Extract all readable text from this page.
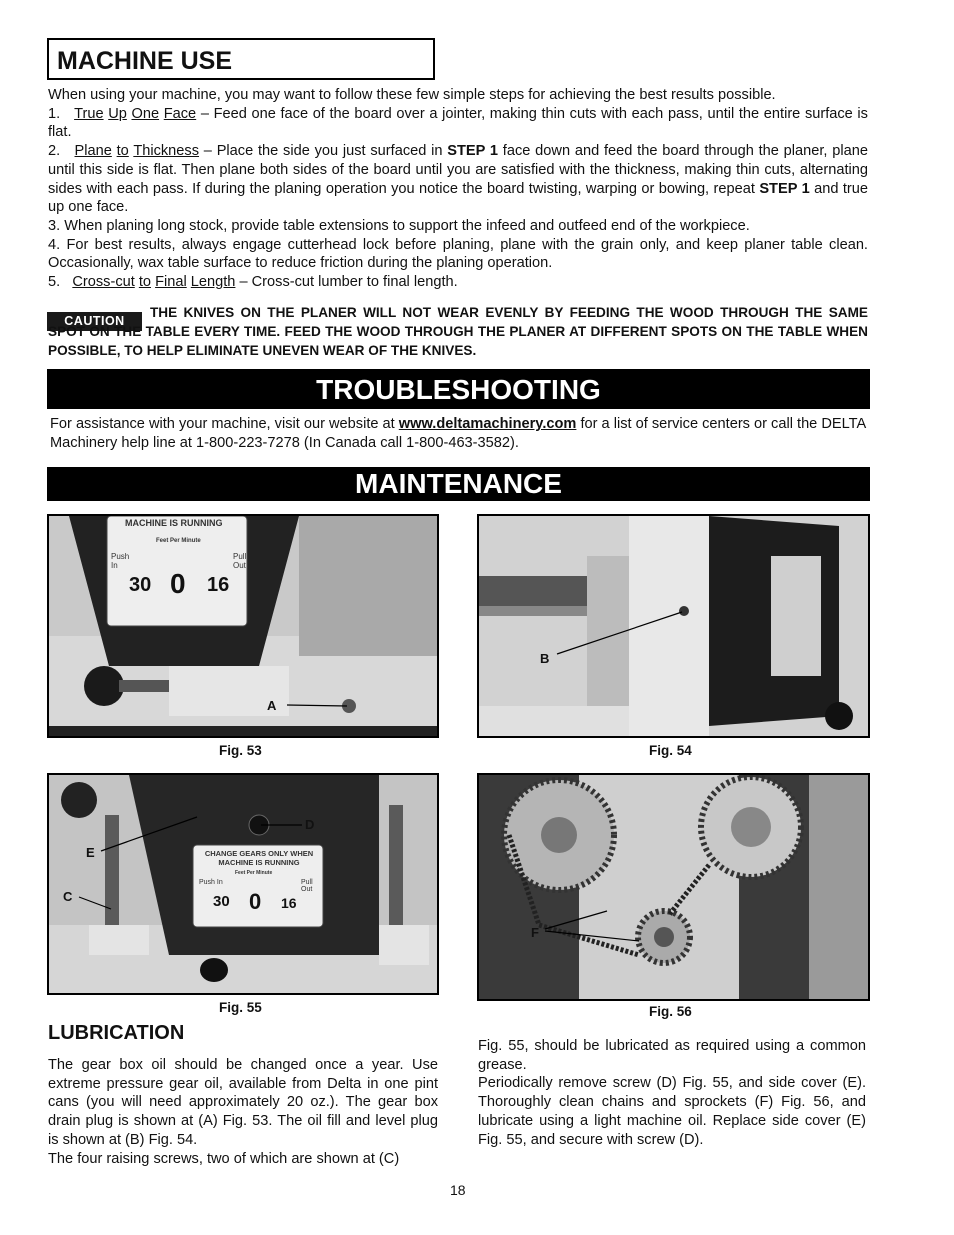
MACHINE USE
When using your machine, you may want to follow these few simple steps for achieving the best results possible.
1. True Up One Face – Feed one face of the board over a jointer, making thin cuts with each pass, until the entire surface is flat.
2. Plane to Thickness – Place the side you just surfaced in STEP 1 face down and feed the board through the planer, plane until this side is flat. Then plane both sides of the board until you are satisfied with the thickness, making thin cuts, alternating sides with each pass. If during the planing operation you notice the board twisting, warping or bowing, repeat STEP 1 and true up one face.
3. When planing long stock, provide table extensions to support the infeed and outfeed end of the workpiece.
4. For best results, always engage cutterhead lock before planing, plane with the grain only, and keep planer table clean. Occasionally, wax table surface to reduce friction during the planing operation.
5. Cross-cut to Final Length – Cross-cut lumber to final length.
CAUTION
THE KNIVES ON THE PLANER WILL NOT WEAR EVENLY BY FEEDING THE WOOD THROUGH THE SAME SPOT ON THE TABLE EVERY TIME. FEED THE WOOD THROUGH THE PLANER AT DIFFERENT SPOTS ON THE TABLE WHEN POSSIBLE, TO HELP ELIMINATE UNEVEN WEAR OF THE KNIVES.
TROUBLESHOOTING
For assistance with your machine, visit our website at www.deltamachinery.com for a list of service centers or call the DELTA Machinery help line at 1-800-223-7278 (In Canada call 1-800-463-3582).
MAINTENANCE
MACHINE IS RUNNING
Feet Per Minute
Push In
Pull Out
30 0 16
A
Fig. 53
B
Fig. 54
CHANGE GEARS ONLY WHEN MACHINE IS RUNNING
Feet Per Minute
Push In	Pull Out
30 0 16
D
E
C
Fig. 55
F
Fig. 56
LUBRICATION
The gear box oil should be changed once a year. Use extreme pressure gear oil, available from Delta in one pint cans (you will need approximately 20 oz.). The gear box drain plug is shown at (A) Fig. 53. The oil fill and level plug is shown at (B) Fig. 54.
The four raising screws, two of which are shown at (C)
Fig. 55, should be lubricated as required using a common grease.
Periodically remove screw (D) Fig. 55, and side cover (E). Thoroughly clean chains and sprockets (F) Fig. 56, and lubricate using a light machine oil. Replace side cover (E) Fig. 55, and secure with screw (D).
18
